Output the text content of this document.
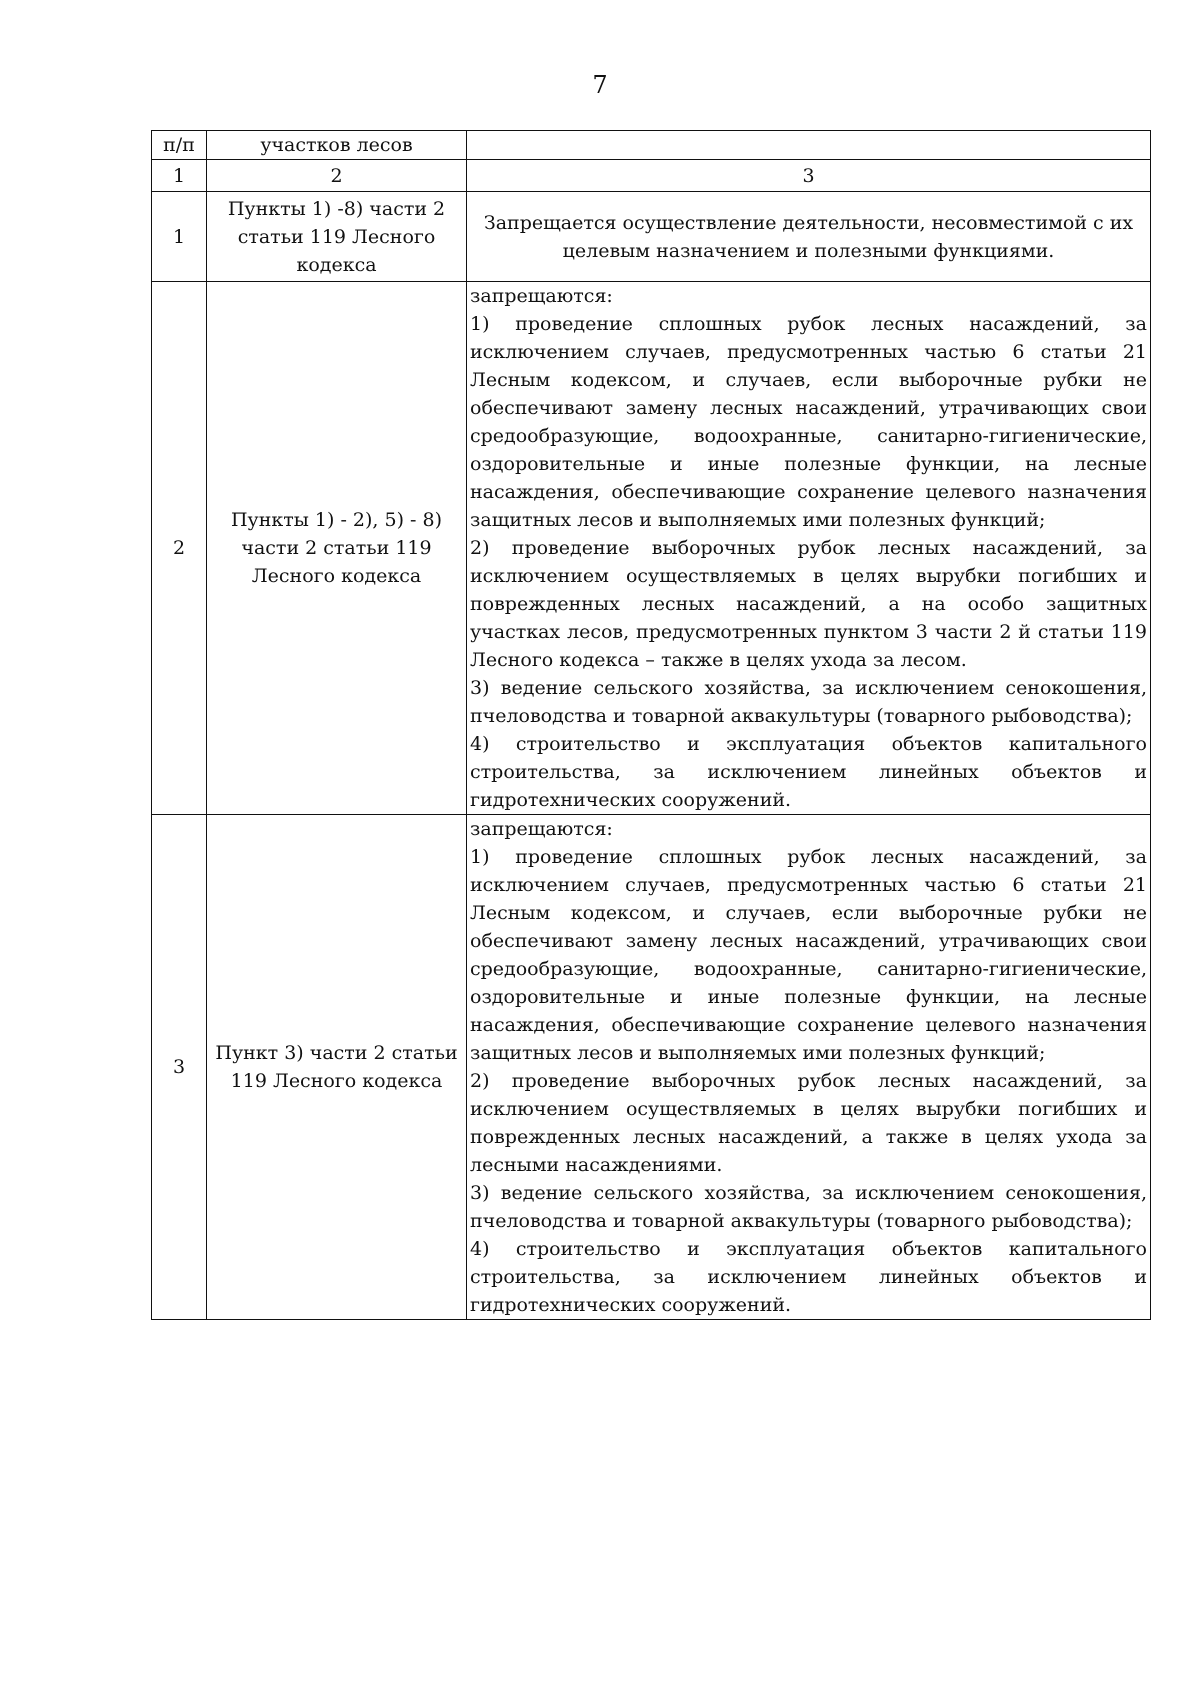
7
п/п	участков лесов	
1	2	3
1	Пункты 1) -8) части 2 статьи 119 Лесного кодекса	Запрещается осуществление деятельности, несовместимой с их целевым назначением и полезными функциями.
2	Пункты 1) - 2), 5) - 8) части 2 статьи 119 Лесного кодекса	запрещаются:
1) проведение сплошных рубок лесных насаждений, за исключением случаев, предусмотренных частью 6 статьи 21 Лесным кодексом, и случаев, если выборочные рубки не обеспечивают замену лесных насаждений, утрачивающих свои средообразующие, водоохранные, санитарно-гигиенические, оздоровительные и иные полезные функции, на лесные насаждения, обеспечивающие сохранение целевого назначения защитных лесов и выполняемых ими полезных функций;
2) проведение выборочных рубок лесных насаждений, за исключением осуществляемых в целях вырубки погибших и поврежденных лесных насаждений, а на особо защитных участках лесов, предусмотренных пунктом 3 части 2 й статьи 119 Лесного кодекса – также в целях ухода за лесом.
3) ведение сельского хозяйства, за исключением сенокошения, пчеловодства и товарной аквакультуры (товарного рыбоводства);
4) строительство и эксплуатация объектов капитального строительства, за исключением линейных объектов и гидротехнических сооружений.

3	Пункт 3) части 2 статьи 119 Лесного кодекса	запрещаются:
1) проведение сплошных рубок лесных насаждений, за исключением случаев, предусмотренных частью 6 статьи 21 Лесным кодексом, и случаев, если выборочные рубки не обеспечивают замену лесных насаждений, утрачивающих свои средообразующие, водоохранные, санитарно-гигиенические, оздоровительные и иные полезные функции, на лесные насаждения, обеспечивающие сохранение целевого назначения защитных лесов и выполняемых ими полезных функций;
2) проведение выборочных рубок лесных насаждений, за исключением осуществляемых в целях вырубки погибших и поврежденных лесных насаждений, а также в целях ухода за лесными насаждениями.
3) ведение сельского хозяйства, за исключением сенокошения, пчеловодства и товарной аквакультуры (товарного рыбоводства);
4) строительство и эксплуатация объектов капитального строительства, за исключением линейных объектов и гидротехнических сооружений.
